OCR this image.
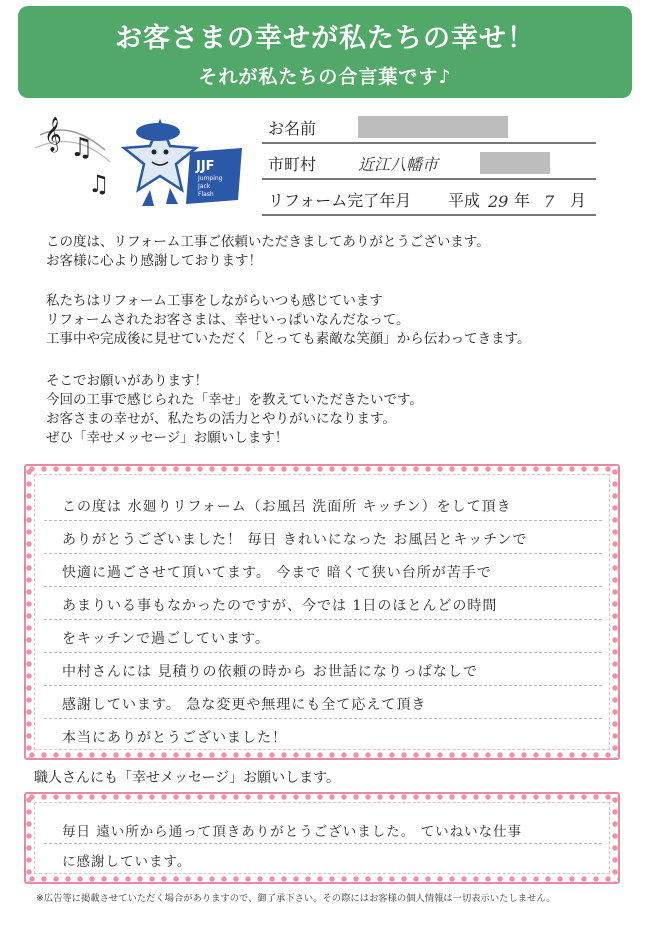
お客さまの幸せが私たちの幸せ！
それが私たちの合言葉です♪
𝄞 ♫
♫
JJF
Jumping
Jack
Flash
お名前
市町村	近江八幡市
リフォーム完了年月 平成 29 年 7 月
この度は、リフォーム工事ご依頼いただきましてありがとうございます。
お客様に心より感謝しております！
私たちはリフォーム工事をしながらいつも感じています
リフォームされたお客さまは、幸せいっぱいなんだなって。
工事中や完成後に見せていただく「とっても素敵な笑顔」から伝わってきます。
そこでお願いがあります！
今回の工事で感じられた「幸せ」を教えていただきたいです。
お客さまの幸せが、私たちの活力とやりがいになります。
ぜひ「幸せメッセージ」お願いします！
この度は 水廻りリフォーム（お風呂 洗面所 キッチン）をして頂き
ありがとうございました！ 毎日 きれいになった お風呂とキッチンで
快適に過ごさせて頂いてます。 今まで 暗くて狭い台所が苦手で
あまりいる事もなかったのですが、今では 1日のほとんどの時間
をキッチンで過ごしています。
中村さんには 見積りの依頼の時から お世話になりっぱなしで
感謝しています。 急な変更や無理にも全て応えて頂き
本当にありがとうございました！
職人さんにも「幸せメッセージ」お願いします。
毎日 遠い所から通って頂きありがとうございました。 ていねいな仕事
に感謝しています。
※広告等に掲載させていただく場合がありますので、御了承下さい。その際にはお客様の個人情報は一切表示いたしません。
